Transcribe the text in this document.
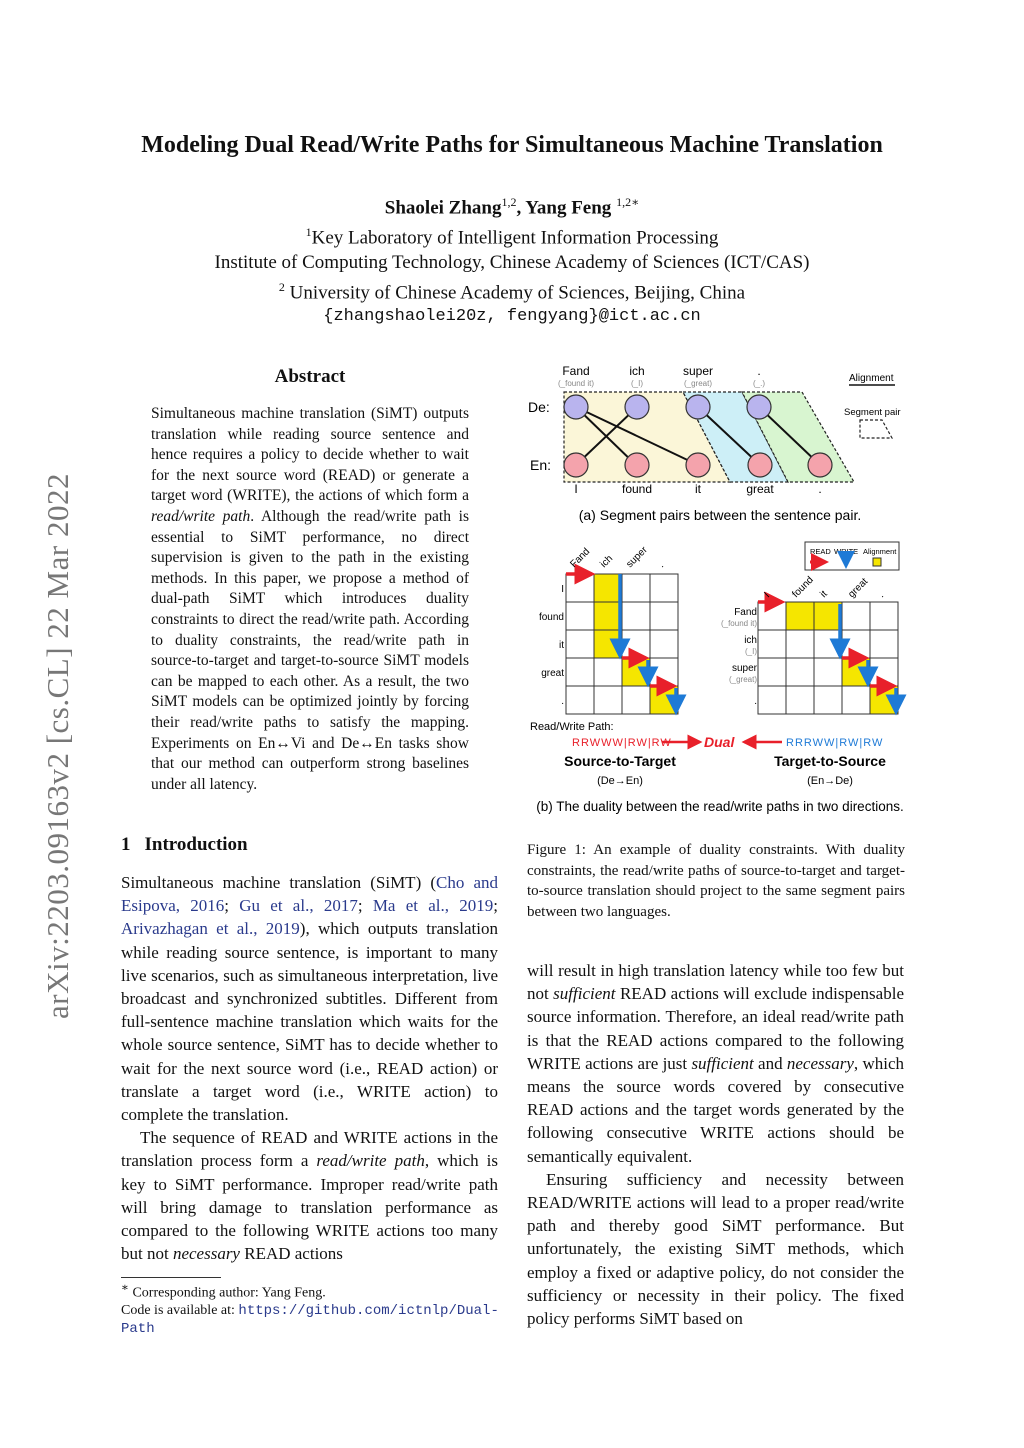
Modeling Dual Read/Write Paths for Simultaneous Machine Translation
Shaolei Zhang$^{1,2}$, Yang Feng $^{1,2∗}$
$^1$Key Laboratory of Intelligent Information Processing
Institute of Computing Technology, Chinese Academy of Sciences (ICT/CAS)
$^2$ University of Chinese Academy of Sciences, Beijing, China
{zhangshaolei20z, fengyang}@ict.ac.cn
arXiv:2203.09163v2 [cs.CL] 22 Mar 2022
Abstract
Simultaneous machine translation (SiMT) outputs translation while reading source sentence and hence requires a policy to decide whether to wait for the next source word (READ) or generate a target word (WRITE), the actions of which form a read/write path. Although the read/write path is essential to SiMT performance, no direct supervision is given to the path in the existing methods. In this paper, we propose a method of dual-path SiMT which introduces duality constraints to direct the read/write path. According to duality constraints, the read/write path in source-to-target and target-to-source SiMT models can be mapped to each other. As a result, the two SiMT models can be optimized jointly by forcing their read/write paths to satisfy the mapping. Experiments on En↔Vi and De↔En tasks show that our method can outperform strong baselines under all latency.
1 Introduction

Simultaneous machine translation (SiMT) (Cho and Esipova, 2016; Gu et al., 2017; Ma et al., 2019; Arivazhagan et al., 2019), which outputs translation while reading source sentence, is important to many live scenarios, such as simultaneous interpretation, live broadcast and synchronized subtitles. Different from full-sentence machine translation which waits for the whole source sentence, SiMT has to decide whether to wait for the next source word (i.e., READ action) or translate a target word (i.e., WRITE action) to complete the translation.

The sequence of READ and WRITE actions in the translation process form a read/write path, which is key to SiMT performance. Improper read/write path will bring damage to translation performance as compared to the following WRITE actions too many but not necessary READ actions

∗ Corresponding author: Yang Feng.
Code is available at: https://github.com/ictnlp/Dual-Path

will result in high translation latency while too few but not sufficient READ actions will exclude indispensable source information. Therefore, an ideal read/write path is that the READ actions compared to the following WRITE actions are just sufficient and necessary, which means the source words covered by consecutive READ actions and the target words generated by the following consecutive WRITE actions should be semantically equivalent.

Ensuring sufficiency and necessity between READ/WRITE actions will lead to a proper read/write path and thereby good SiMT performance. But unfortunately, the existing SiMT methods, which employ a fixed or adaptive policy, do not consider the sufficiency or necessity in their policy. The fixed policy performs SiMT based on

De:
En:
Fand	ich	super	.
I	found	it	great	.
(_found it)	(_I)	(_great)	(_.)	Alignment
Segment pair
(a) Segment pairs between the sentence pair.
I
found
it
great
.
Fand ich super .
READ WRITE Alignment
Fand
(_found it)
ich
(_I)
super
(_great)
.
I found it great .
Read/Write Path:
RRWWW|RW|RW Dual	RRRWW|RW|RW
Source-to-Target
(De→En)
Target-to-Source
(En→De)
(b) The duality between the read/write paths in two directions.
Figure 1: An example of duality constraints. With duality constraints, the read/write paths of source-to-target and target-to-source translation should project to the same segment pairs between two languages.
